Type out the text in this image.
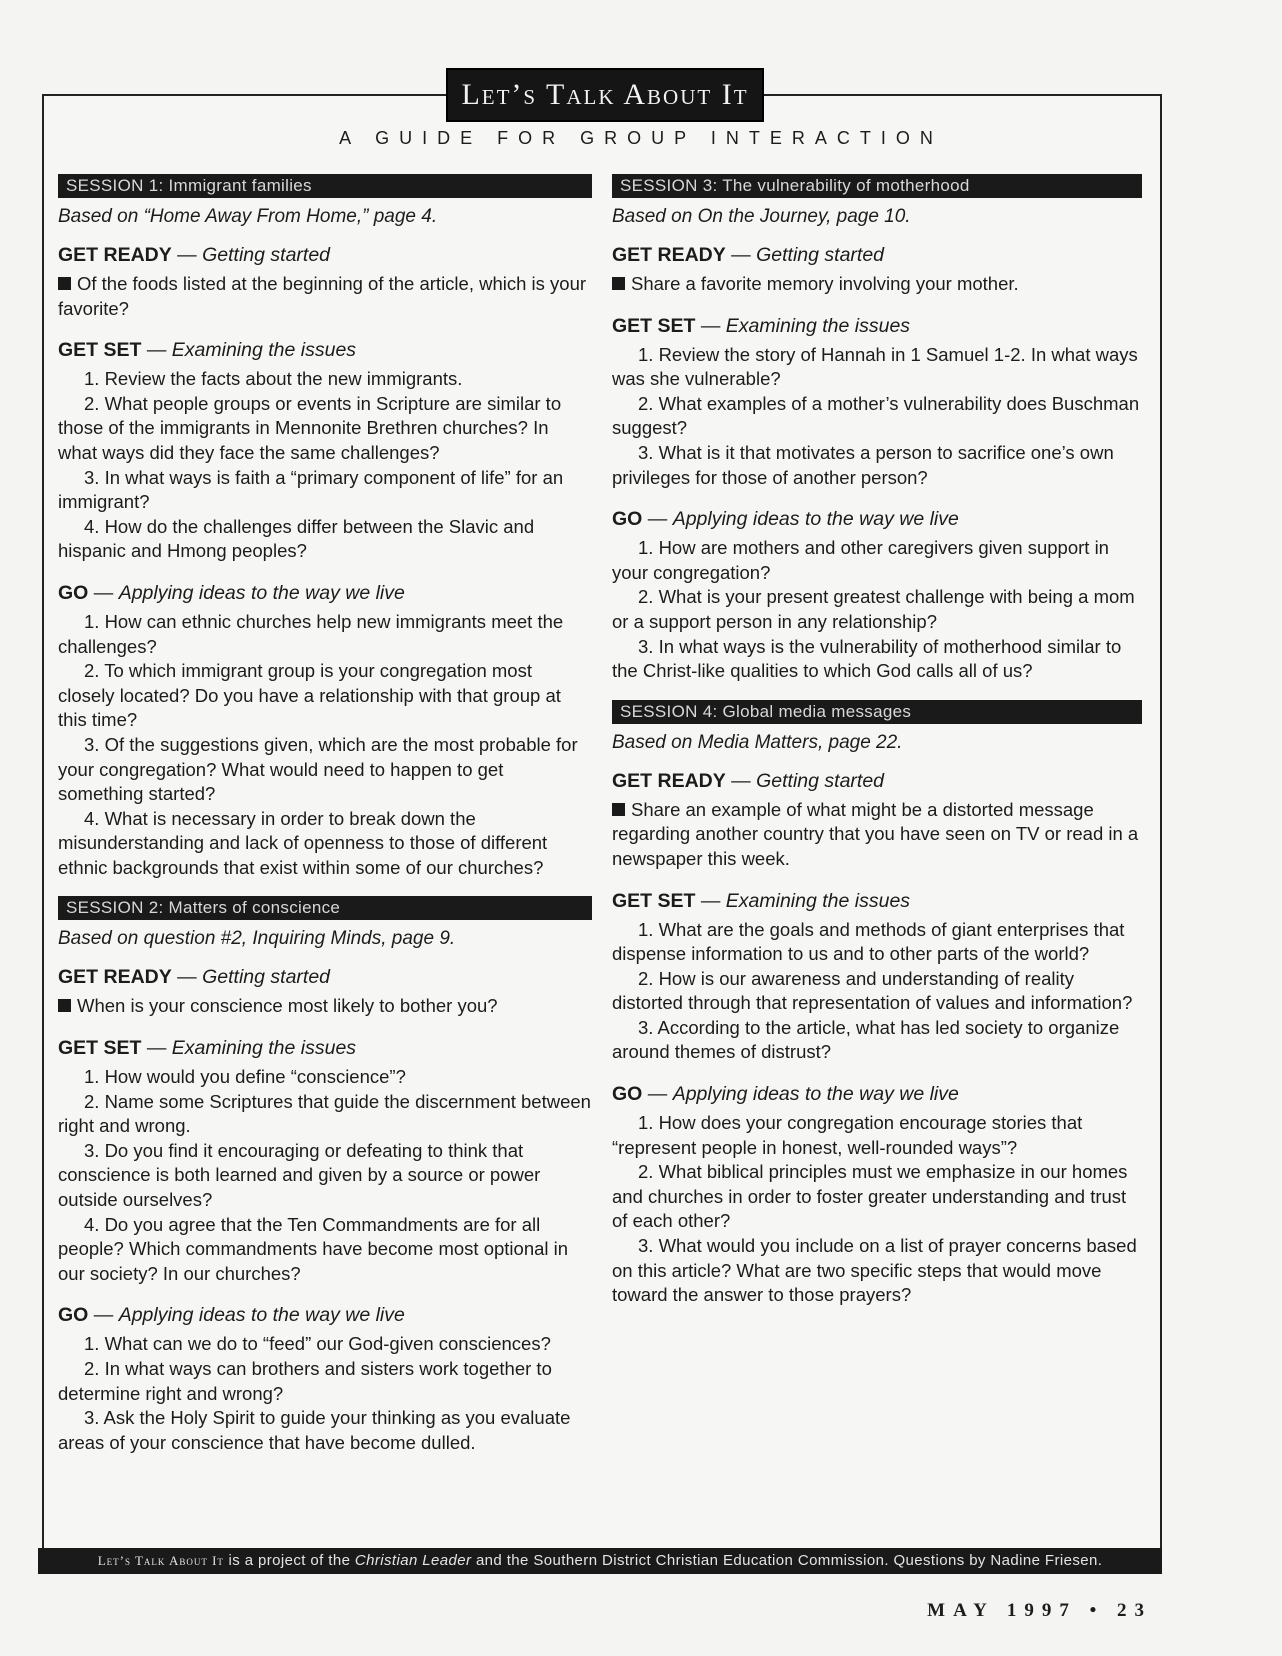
Let’s Talk About It
A GUIDE FOR GROUP INTERACTION
SESSION 1: Immigrant families
Based on “Home Away From Home,” page 4.
GET READY — Getting started

Of the foods listed at the beginning of the article, which is your favorite?

GET SET — Examining the issues

1. Review the facts about the new immigrants.

2. What people groups or events in Scripture are similar to those of the immigrants in Mennonite Brethren churches? In what ways did they face the same challenges?

3. In what ways is faith a “primary component of life” for an immigrant?

4. How do the challenges differ between the Slavic and hispanic and Hmong peoples?

GO — Applying ideas to the way we live

1. How can ethnic churches help new immigrants meet the challenges?

2. To which immigrant group is your congregation most closely located? Do you have a relationship with that group at this time?

3. Of the suggestions given, which are the most probable for your congregation? What would need to happen to get something started?

4. What is necessary in order to break down the misunderstanding and lack of openness to those of different ethnic backgrounds that exist within some of our churches?

SESSION 2: Matters of conscience
Based on question #2, Inquiring Minds, page 9.
GET READY — Getting started

When is your conscience most likely to bother you?

GET SET — Examining the issues

1. How would you define “conscience”?

2. Name some Scriptures that guide the discernment between right and wrong.

3. Do you find it encouraging or defeating to think that conscience is both learned and given by a source or power outside ourselves?

4. Do you agree that the Ten Commandments are for all people? Which commandments have become most optional in our society? In our churches?

GO — Applying ideas to the way we live

1. What can we do to “feed” our God-given consciences?

2. In what ways can brothers and sisters work together to determine right and wrong?

3. Ask the Holy Spirit to guide your thinking as you evaluate areas of your conscience that have become dulled.

SESSION 3: The vulnerability of motherhood
Based on On the Journey, page 10.
GET READY — Getting started

Share a favorite memory involving your mother.

GET SET — Examining the issues

1. Review the story of Hannah in 1 Samuel 1-2. In what ways was she vulnerable?

2. What examples of a mother’s vulnerability does Buschman suggest?

3. What is it that motivates a person to sacrifice one’s own privileges for those of another person?

GO — Applying ideas to the way we live

1. How are mothers and other caregivers given support in your congregation?

2. What is your present greatest challenge with being a mom or a support person in any relationship?

3. In what ways is the vulnerability of motherhood similar to the Christ-like qualities to which God calls all of us?

SESSION 4: Global media messages
Based on Media Matters, page 22.
GET READY — Getting started

Share an example of what might be a distorted message regarding another country that you have seen on TV or read in a newspaper this week.

GET SET — Examining the issues

1. What are the goals and methods of giant enterprises that dispense information to us and to other parts of the world?

2. How is our awareness and understanding of reality distorted through that representation of values and information?

3. According to the article, what has led society to organize around themes of distrust?

GO — Applying ideas to the way we live

1. How does your congregation encourage stories that “represent people in honest, well-rounded ways”?

2. What biblical principles must we emphasize in our homes and churches in order to foster greater understanding and trust of each other?

3. What would you include on a list of prayer concerns based on this article? What are two specific steps that would move toward the answer to those prayers?

Let’s Talk About It is a project of the Christian Leader and the Southern District Christian Education Commission. Questions by Nadine Friesen.
MAY 1997 • 23
